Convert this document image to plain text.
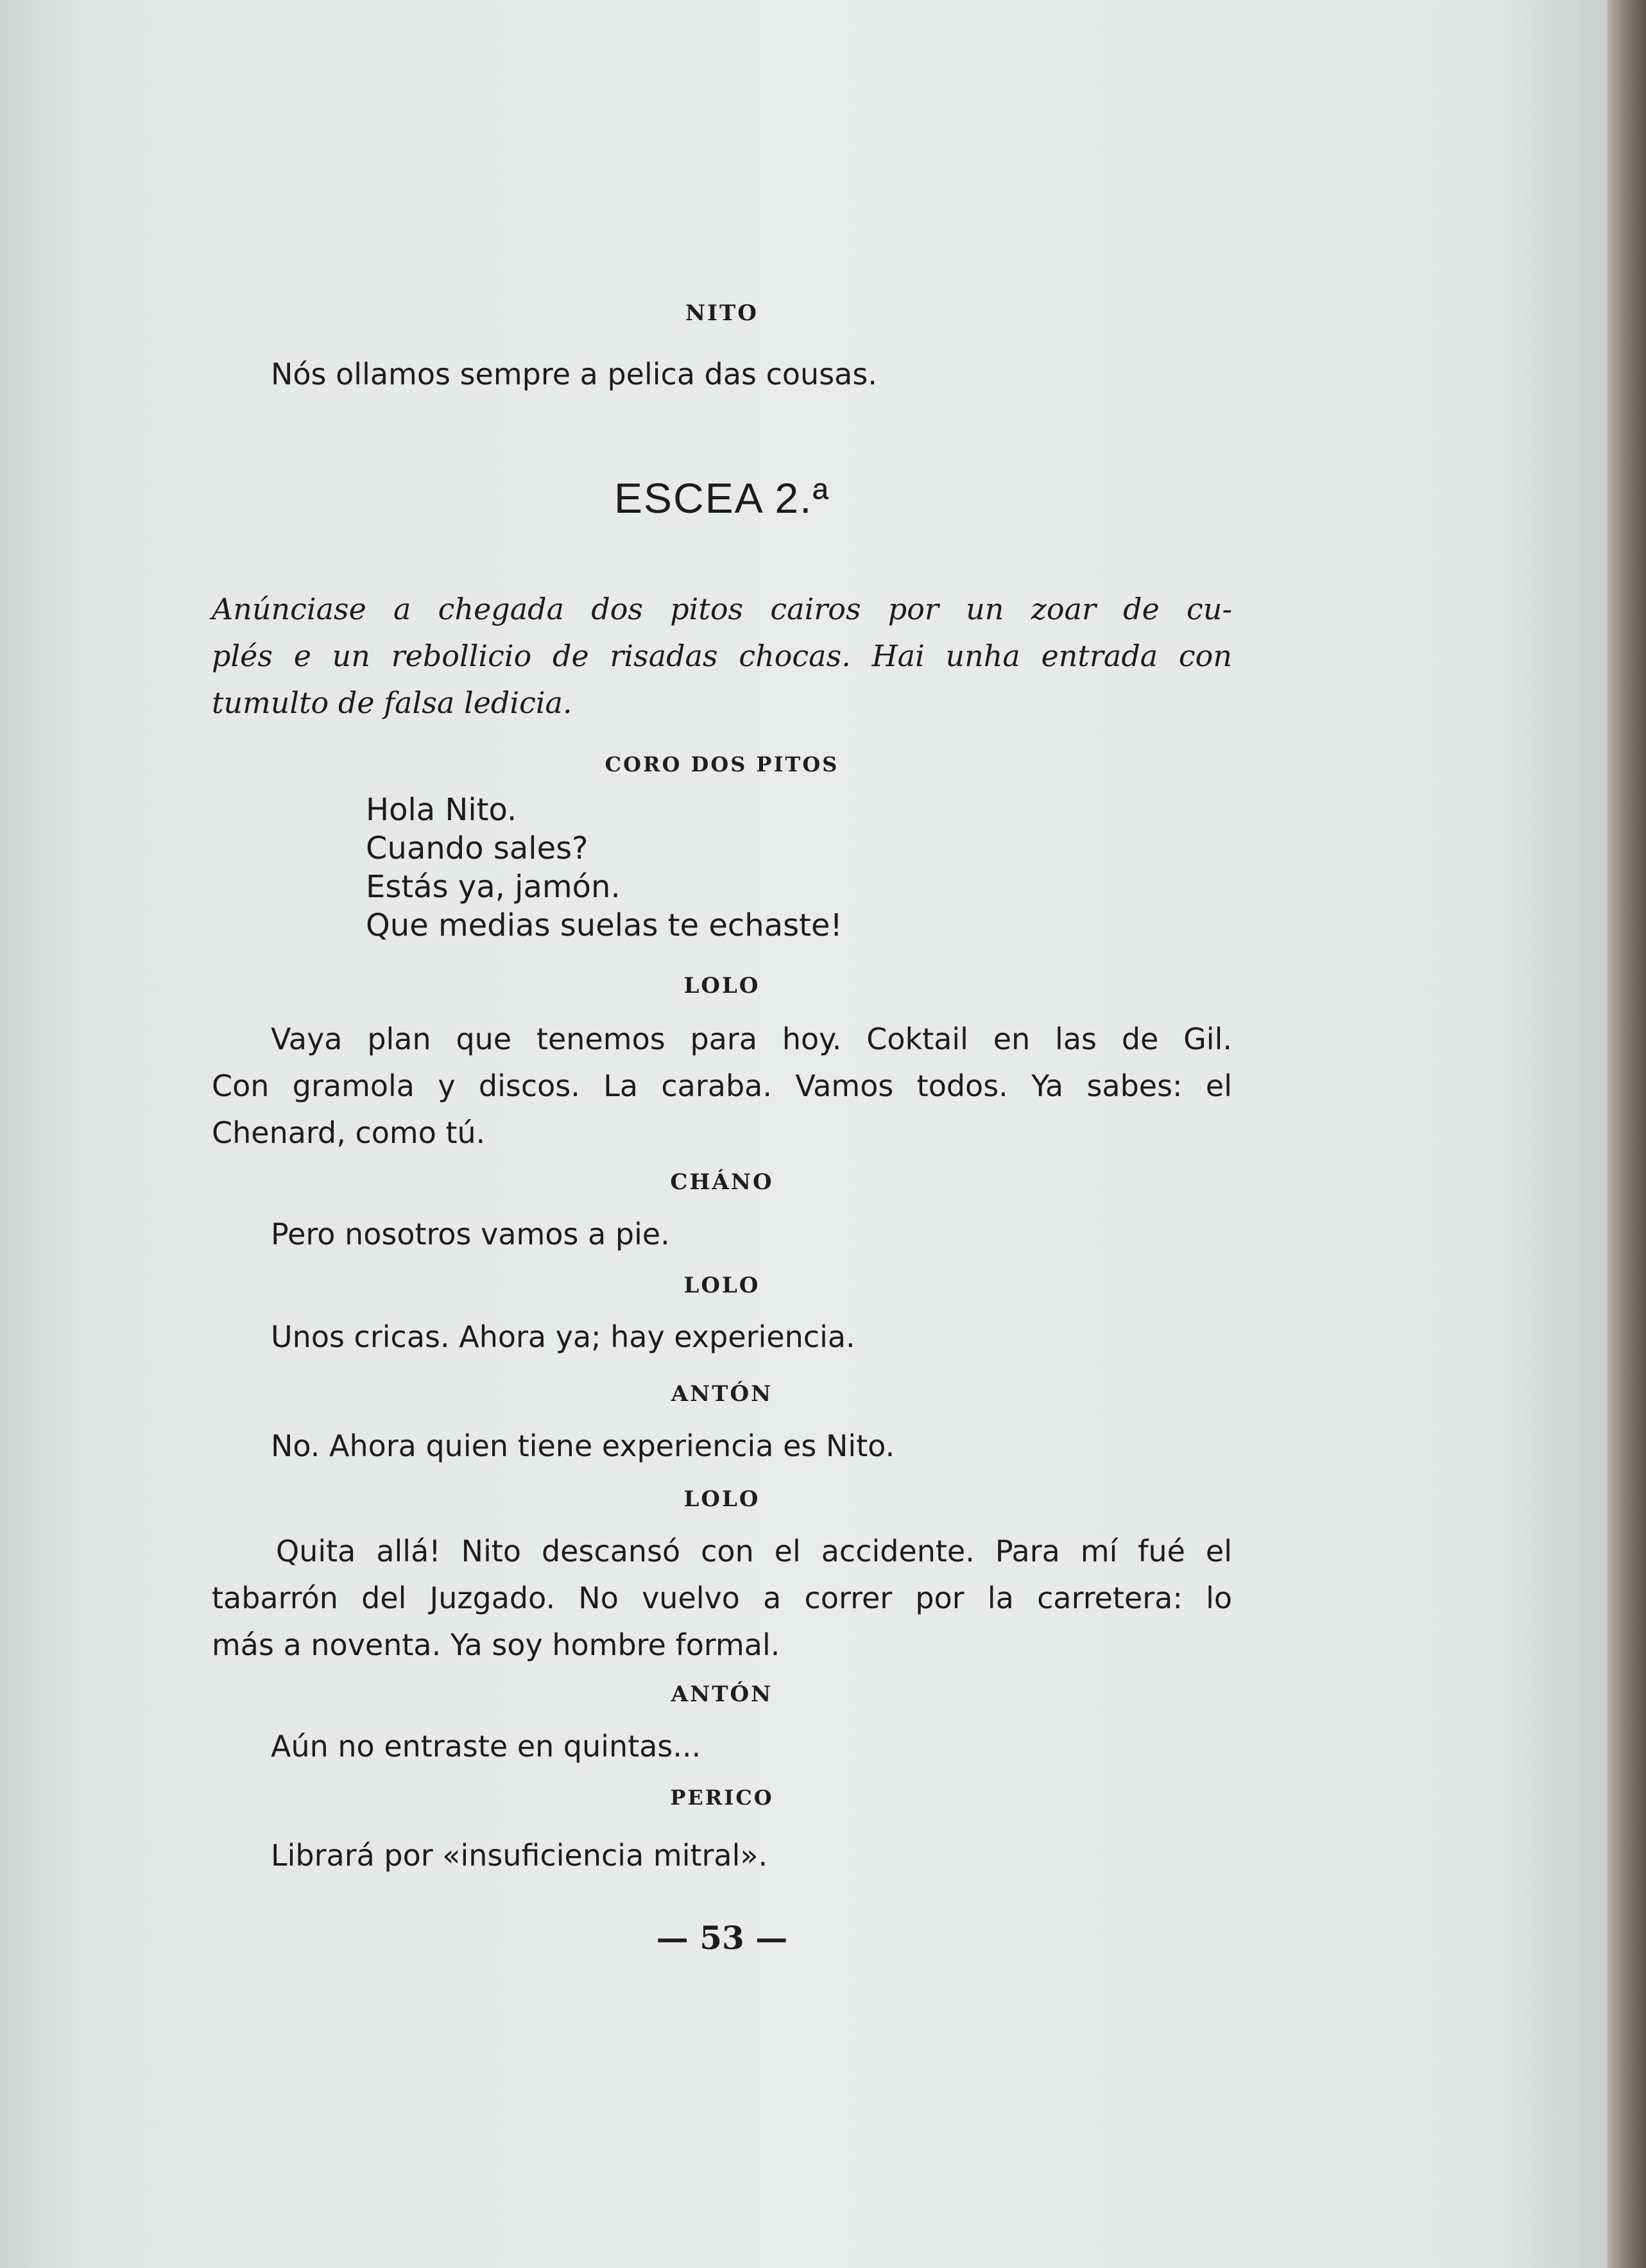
NITO
Nós ollamos sempre a pelica das cousas.
ESCEA 2.ª
Anúnciase a chegada dos pitos cairos por un zoar de cu-
plés e un rebollicio de risadas chocas. Hai unha entrada con
tumulto de falsa ledicia.
CORO DOS PITOS
Hola Nito.
Cuando sales?
Estás ya, jamón.
Que medias suelas te echaste!
LOLO
Vaya plan que tenemos para hoy. Coktail en las de Gil.
Con gramola y discos. La caraba. Vamos todos. Ya sabes: el
Chenard, como tú.
CHÁNO
Pero nosotros vamos a pie.
LOLO
Unos cricas. Ahora ya; hay experiencia.
ANTÓN
No. Ahora quien tiene experiencia es Nito.
LOLO
Quita allá! Nito descansó con el accidente. Para mí fué el
tabarrón del Juzgado. No vuelvo a correr por la carretera: lo
más a noventa. Ya soy hombre formal.
ANTÓN
Aún no entraste en quintas...
PERICO
Librará por «insuficiencia mitral».
— 53 —
